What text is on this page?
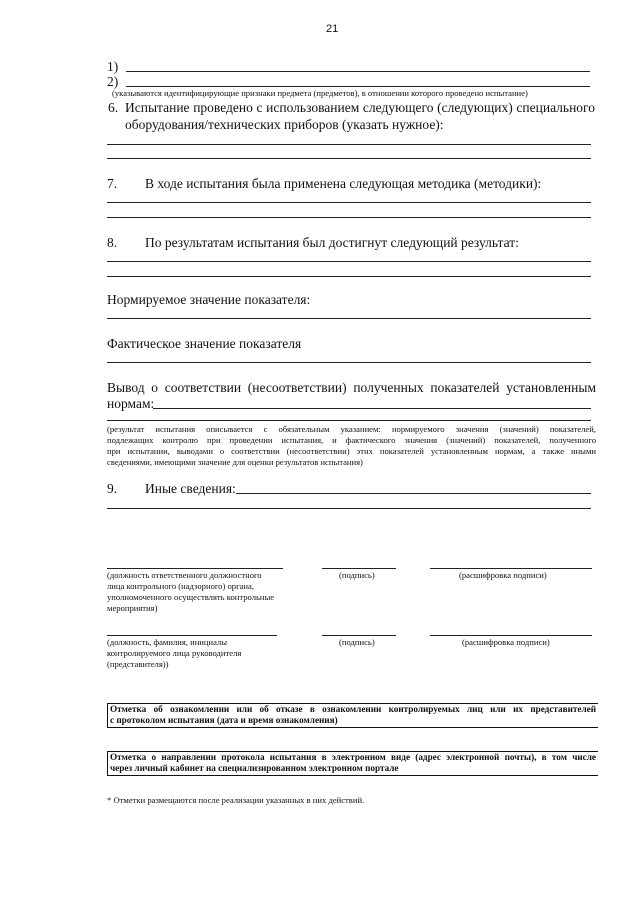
21
1)
2)
(указываются идентифицирующие признаки предмета (предметов), в отношении которого проведено испытание)
6. Испытание проведено с использованием следующего (следующих) специального
оборудования/технических приборов (указать нужное):
7. В ходе испытания была применена следующая методика (методики):
8. По результатам испытания был достигнут следующий результат:
Нормируемое значение показателя:
Фактическое значение показателя
Вывод о соответствии (несоответствии) полученных показателей установленным
нормам:
(результат испытания описывается с обязательным указанием: нормируемого значения (значений) показателей,
подлежащих контролю при проведении испытания, и фактического значения (значений) показателей, полученного
при испытании, выводами о соответствии (несоответствии) этих показателей установленным нормам, а также иными
сведениями, имеющими значение для оценки результатов испытания)
9. Иные сведения:
(должность ответственного должностного
лица контрольного (надзорного) органа,
уполномоченного осуществлять контрольные
мероприятия)
(подпись)	(расшифровка подписи)
(должность, фамилия, инициалы
контролируемого лица руководителя
(представителя))
(подпись)	(расшифровка подписи)
Отметка об ознакомлении или об отказе в ознакомлении контролируемых лиц или их представителей
с протоколом испытания (дата и время ознакомления)
Отметка о направлении протокола испытания в электронном виде (адрес электронной почты), в том числе
через личный кабинет на специализированном электронном портале
* Отметки размещаются после реализации указанных в них действий.
